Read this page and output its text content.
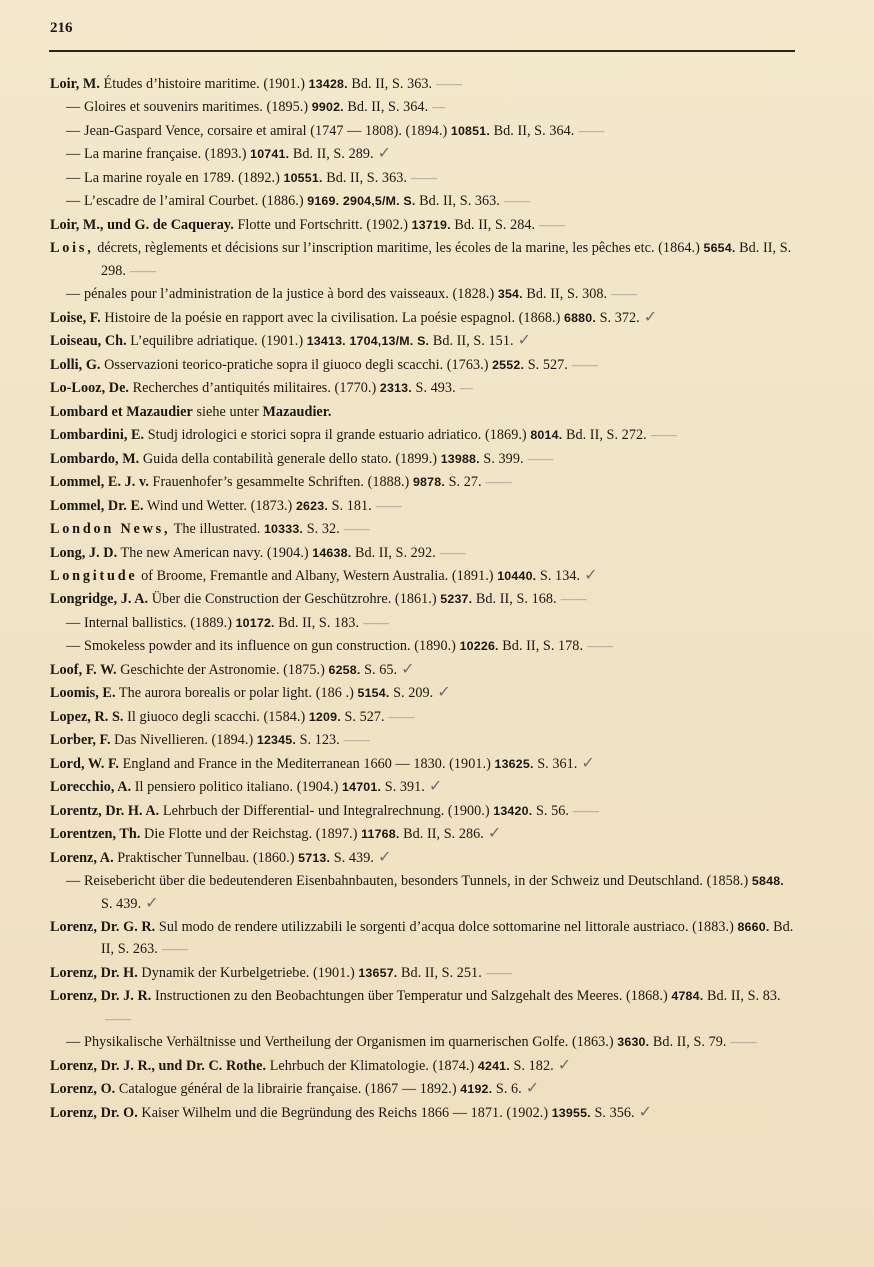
216
Loir, M. Études d’histoire maritime. (1901.) 13428. Bd. II, S. 363. ——
— Gloires et souvenirs maritimes. (1895.) 9902. Bd. II, S. 364. —
— Jean-Gaspard Vence, corsaire et amiral (1747 — 1808). (1894.) 10851. Bd. II, S. 364. ——
— La marine française. (1893.) 10741. Bd. II, S. 289. ✓
— La marine royale en 1789. (1892.) 10551. Bd. II, S. 363. ——
— L’escadre de l’amiral Courbet. (1886.) 9169. 2904,5/M. S. Bd. II, S. 363. ——
Loir, M., und G. de Caqueray. Flotte und Fortschritt. (1902.) 13719. Bd. II, S. 284. ——
Lois, décrets, règlements et décisions sur l’inscription maritime, les écoles de la marine, les pêches etc. (1864.) 5654. Bd. II, S. 298. ——
— pénales pour l’administration de la justice à bord des vaisseaux. (1828.) 354. Bd. II, S. 308. ——
Loise, F. Histoire de la poésie en rapport avec la civilisation. La poésie espagnol. (1868.) 6880. S. 372. ✓
Loiseau, Ch. L’equilibre adriatique. (1901.) 13413. 1704,13/M. S. Bd. II, S. 151. ✓
Lolli, G. Osservazioni teorico-pratiche sopra il giuoco degli scacchi. (1763.) 2552. S. 527. ——
Lo-Looz, De. Recherches d’antiquités militaires. (1770.) 2313. S. 493. —
Lombard et Mazaudier siehe unter Mazaudier.
Lombardini, E. Studj idrologici e storici sopra il grande estuario adriatico. (1869.) 8014. Bd. II, S. 272. ——
Lombardo, M. Guida della contabilità generale dello stato. (1899.) 13988. S. 399. ——
Lommel, E. J. v. Frauenhofer’s gesammelte Schriften. (1888.) 9878. S. 27. ——
Lommel, Dr. E. Wind und Wetter. (1873.) 2623. S. 181. ——
London News, The illustrated. 10333. S. 32. ——
Long, J. D. The new American navy. (1904.) 14638. Bd. II, S. 292. ——
Longitude of Broome, Fremantle and Albany, Western Australia. (1891.) 10440. S. 134. ✓
Longridge, J. A. Über die Construction der Geschützrohre. (1861.) 5237. Bd. II, S. 168. ——
— Internal ballistics. (1889.) 10172. Bd. II, S. 183. ——
— Smokeless powder and its influence on gun construction. (1890.) 10226. Bd. II, S. 178. ——
Loof, F. W. Geschichte der Astronomie. (1875.) 6258. S. 65. ✓
Loomis, E. The aurora borealis or polar light. (186 .) 5154. S. 209. ✓
Lopez, R. S. Il giuoco degli scacchi. (1584.) 1209. S. 527. ——
Lorber, F. Das Nivellieren. (1894.) 12345. S. 123. ——
Lord, W. F. England and France in the Mediterranean 1660 — 1830. (1901.) 13625. S. 361. ✓
Lorecchio, A. Il pensiero politico italiano. (1904.) 14701. S. 391. ✓
Lorentz, Dr. H. A. Lehrbuch der Differential- und Integralrechnung. (1900.) 13420. S. 56. ——
Lorentzen, Th. Die Flotte und der Reichstag. (1897.) 11768. Bd. II, S. 286. ✓
Lorenz, A. Praktischer Tunnelbau. (1860.) 5713. S. 439. ✓
— Reisebericht über die bedeutenderen Eisenbahnbauten, besonders Tunnels, in der Schweiz und Deutschland. (1858.) 5848. S. 439. ✓
Lorenz, Dr. G. R. Sul modo de rendere utilizzabili le sorgenti d’acqua dolce sottomarine nel littorale austriaco. (1883.) 8660. Bd. II, S. 263. ——
Lorenz, Dr. H. Dynamik der Kurbelgetriebe. (1901.) 13657. Bd. II, S. 251. ——
Lorenz, Dr. J. R. Instructionen zu den Beobachtungen über Temperatur und Salzgehalt des Meeres. (1868.) 4784. Bd. II, S. 83.——
— Physikalische Verhältnisse und Vertheilung der Organismen im quarnerischen Golfe. (1863.) 3630. Bd. II, S. 79. ——
Lorenz, Dr. J. R., und Dr. C. Rothe. Lehrbuch der Klimatologie. (1874.) 4241. S. 182. ✓
Lorenz, O. Catalogue général de la librairie française. (1867 — 1892.) 4192. S. 6. ✓
Lorenz, Dr. O. Kaiser Wilhelm und die Begründung des Reichs 1866 — 1871. (1902.) 13955. S. 356. ✓
